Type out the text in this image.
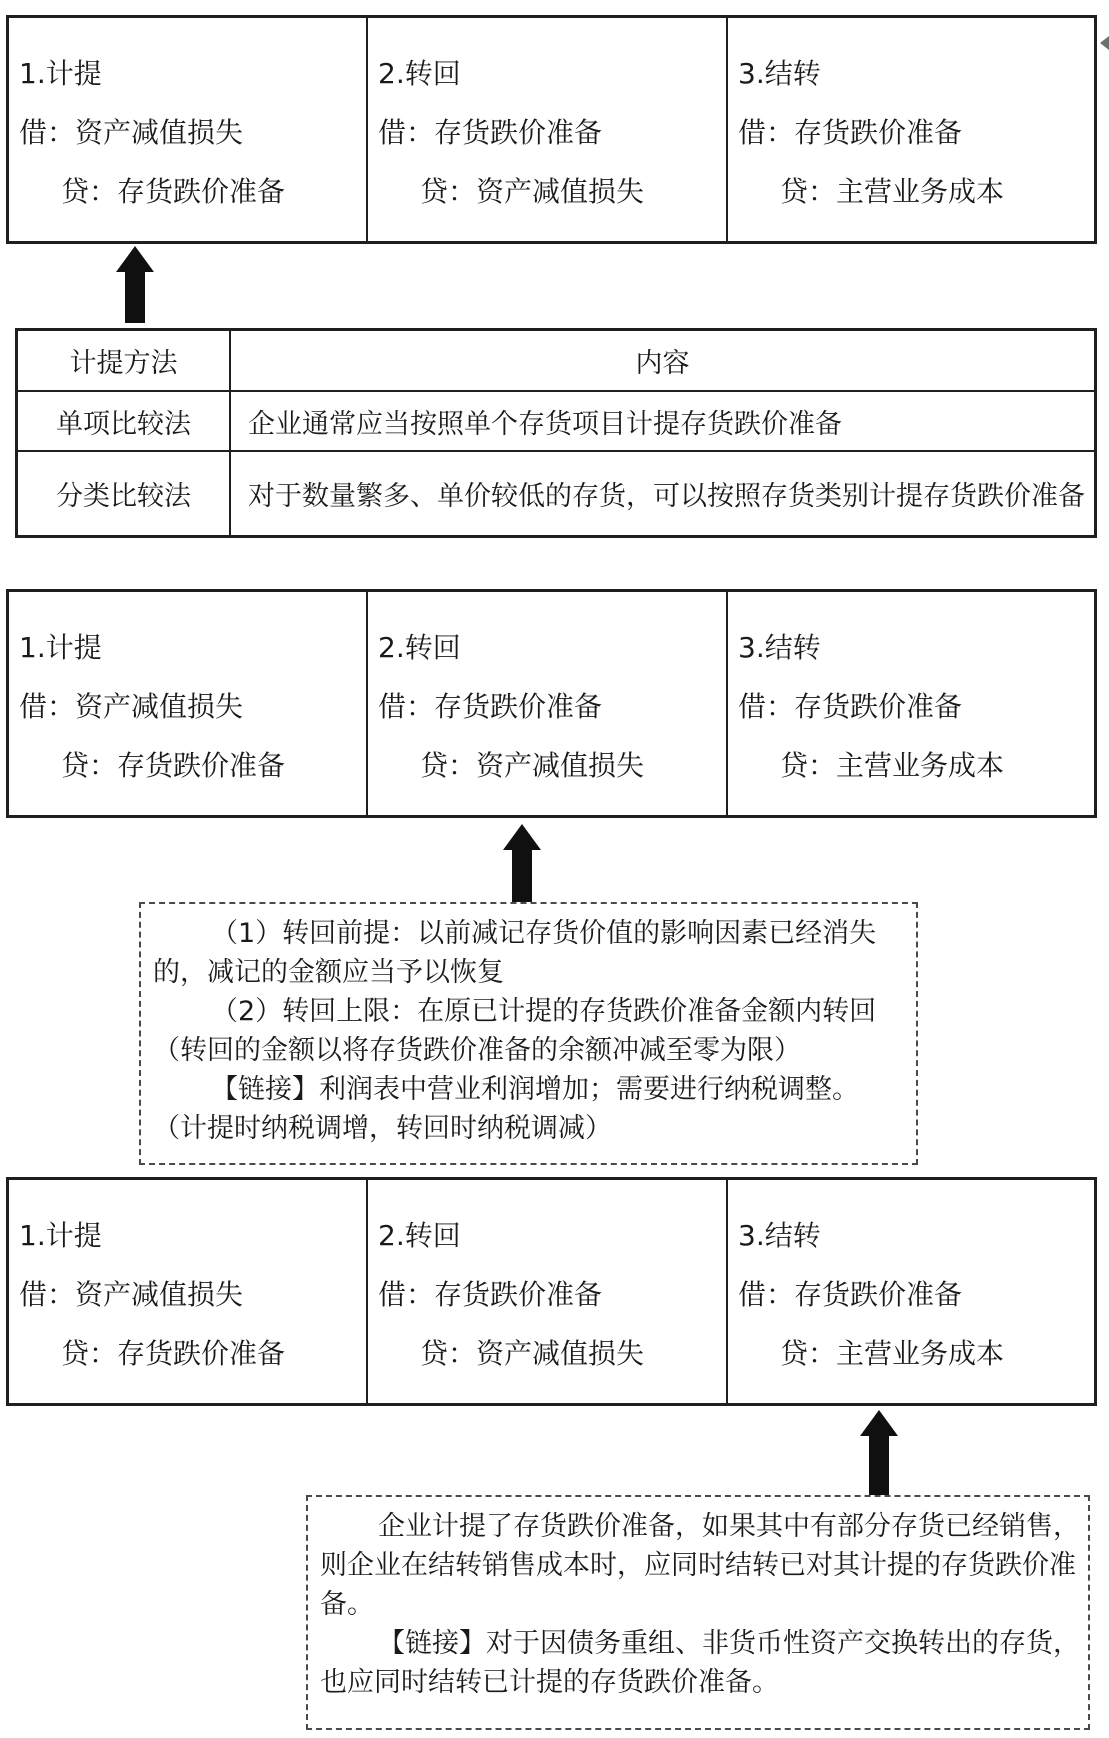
1.计提
借：资产减值损失
贷：存货跌价准备
2.转回
借：存货跌价准备
贷：资产减值损失
3.结转
借：存货跌价准备
贷：主营业务成本
计提方法	内容
单项比较法	企业通常应当按照单个存货项目计提存货跌价准备
分类比较法	对于数量繁多、单价较低的存货，可以按照存货类别计提存货跌价准备
1.计提
借：资产减值损失
贷：存货跌价准备
2.转回
借：存货跌价准备
贷：资产减值损失
3.结转
借：存货跌价准备
贷：主营业务成本
（1）转回前提：以前减记存货价值的影响因素已经消失
的，减记的金额应当予以恢复
（2）转回上限：在原已计提的存货跌价准备金额内转回
（转回的金额以将存货跌价准备的余额冲减至零为限）
【链接】利润表中营业利润增加；需要进行纳税调整。
（计提时纳税调增，转回时纳税调减）
1.计提
借：资产减值损失
贷：存货跌价准备
2.转回
借：存货跌价准备
贷：资产减值损失
3.结转
借：存货跌价准备
贷：主营业务成本
企业计提了存货跌价准备，如果其中有部分存货已经销售，
则企业在结转销售成本时，应同时结转已对其计提的存货跌价准
备。
【链接】对于因债务重组、非货币性资产交换转出的存货，
也应同时结转已计提的存货跌价准备。
